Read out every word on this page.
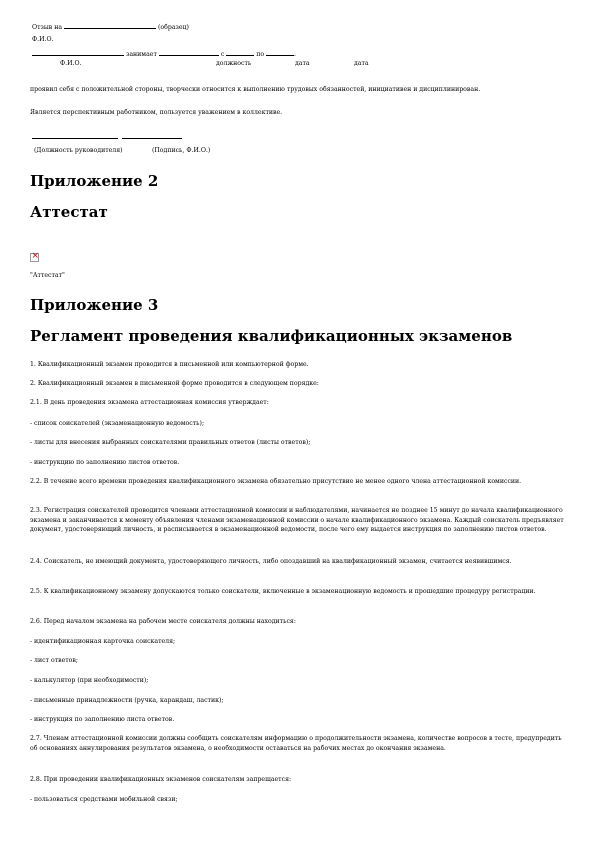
Отзыв на	(образец)
Ф.И.О.
занимает	с	по	.
Ф.И.О.	должность	дата	дата
проявил себя с положительной стороны, творчески относится к выполнению трудовых обязанностей, инициативен и дисциплинирован.
Является перспективным работником, пользуется уважением в коллективе.
(Должность руководителя)	(Подпись, Ф.И.О.)
Приложение 2
Аттестат
×
"Аттестат"
Приложение 3
Регламент проведения квалификационных экзаменов
1. Квалификационный экзамен проводится в письменной или компьютерной форме.
2. Квалификационный экзамен в письменной форме проводится в следующем порядке:
2.1. В день проведения экзамена аттестационная комиссия утверждает:
- список соискателей (экзаменационную ведомость);
- листы для внесения выбранных соискателями правильных ответов (листы ответов);
- инструкцию по заполнению листов ответов.
2.2. В течение всего времени проведения квалификационного экзамена обязательно присутствие не менее одного члена аттестационной комиссии.
2.3. Регистрация соискателей проводится членами аттестационной комиссии и наблюдателями, начинается не позднее 15 минут до начала квалификационного экзамена и заканчивается к моменту объявления членами экзаменационной комиссии о начале квалификационного экзамена. Каждый соискатель предъявляет документ, удостоверяющий личность, и расписывается в экзаменационной ведомости, после чего ему выдается инструкция по заполнению листов ответов.
2.4. Соискатель, не имеющий документа, удостоверяющего личность, либо опоздавший на квалификационный экзамен, считается неявившимся.
2.5. К квалификационному экзамену допускаются только соискатели, включенные в экзаменационную ведомость и прошедшие процедуру регистрации.
2.6. Перед началом экзамена на рабочем месте соискателя должны находиться:
- идентификационная карточка соискателя;
- лист ответов;
- калькулятор (при необходимости);
- письменные принадлежности (ручка, карандаш, ластик);
- инструкция по заполнению листа ответов.
2.7. Членам аттестационной комиссии должны сообщить соискателям информацию о продолжительности экзамена, количестве вопросов в тесте, предупредить об основаниях аннулирования результатов экзамена, о необходимости оставаться на рабочих местах до окончания экзамена.
2.8. При проведении квалификационных экзаменов соискателям запрещается:
- пользоваться средствами мобильной связи;
